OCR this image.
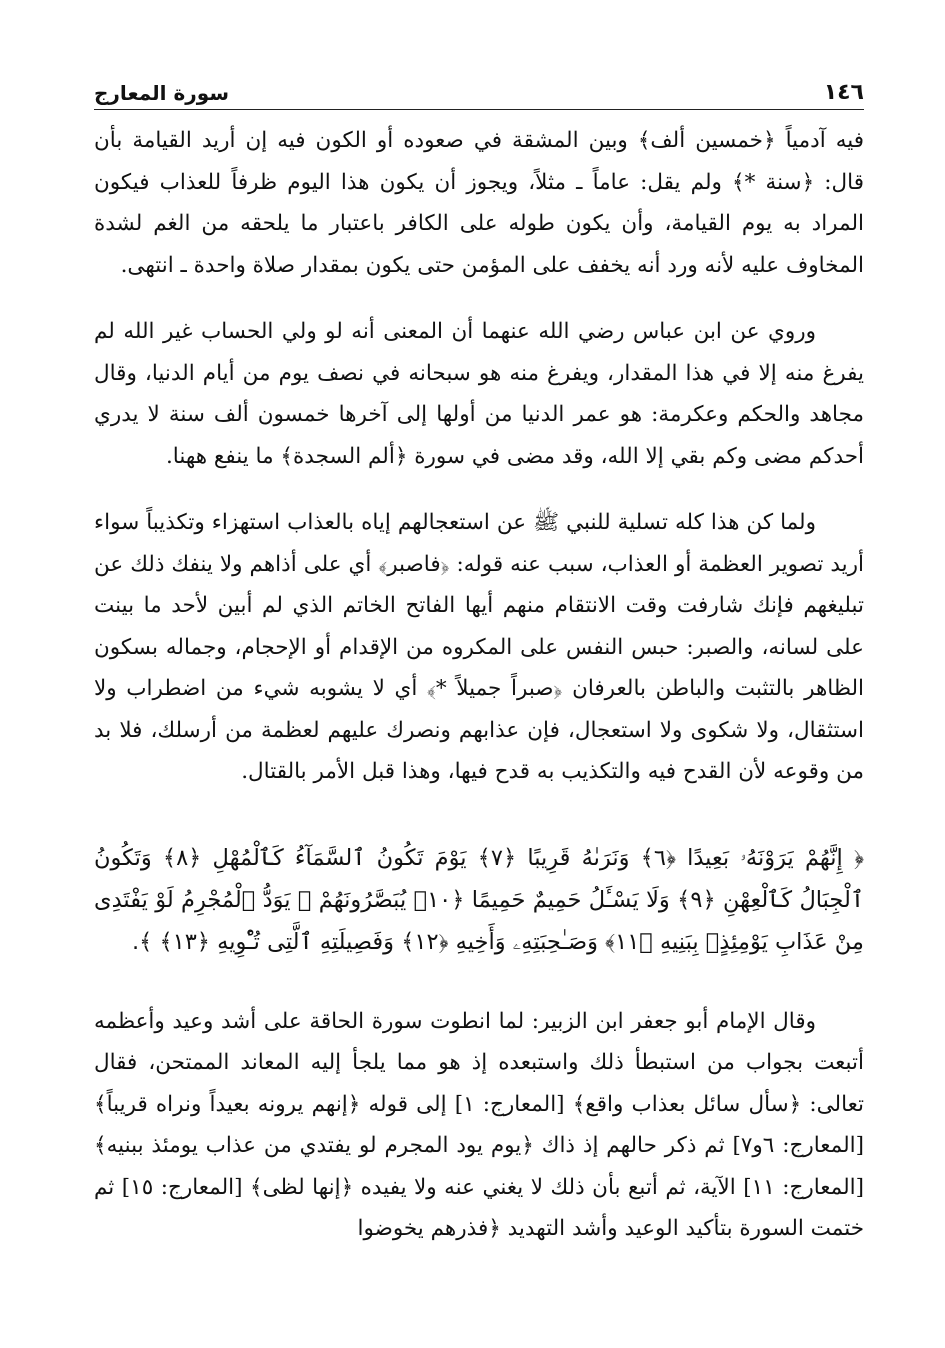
١٤٦
سورة المعارج

فيه آدمياً ﴿خمسين ألف﴾ وبين المشقة في صعوده أو الكون فيه إن أريد القيامة بأن قال: ﴿سنة *﴾ ولم يقل: عاماً ـ مثلاً، ويجوز أن يكون هذا اليوم ظرفاً للعذاب فيكون المراد به يوم القيامة، وأن يكون طوله على الكافر باعتبار ما يلحقه من الغم لشدة المخاوف عليه لأنه ورد أنه يخفف على المؤمن حتى يكون بمقدار صلاة واحدة ـ انتهى.

وروي عن ابن عباس رضي الله عنهما أن المعنى أنه لو ولي الحساب غير الله لم يفرغ منه إلا في هذا المقدار، ويفرغ منه هو سبحانه في نصف يوم من أيام الدنيا، وقال مجاهد والحكم وعكرمة: هو عمر الدنيا من أولها إلى آخرها خمسون ألف سنة لا يدري أحدكم مضى وكم بقي إلا الله، وقد مضى في سورة ﴿ألم السجدة﴾ ما ينفع ههنا.

ولما كن هذا كله تسلية للنبي ﷺ عن استعجالهم إياه بالعذاب استهزاء وتكذيباً سواء أريد تصوير العظمة أو العذاب، سبب عنه قوله: ﴿فاصبر﴾ أي على أذاهم ولا ينفك ذلك عن تبليغهم فإنك شارفت وقت الانتقام منهم أيها الفاتح الخاتم الذي لم أبين لأحد ما بينت على لسانه، والصبر: حبس النفس على المكروه من الإقدام أو الإحجام، وجماله بسكون الظاهر بالتثبت والباطن بالعرفان ﴿صبراً جميلاً *﴾ أي لا يشوبه شيء من اضطراب ولا استثقال، ولا شكوى ولا استعجال، فإن عذابهم ونصرك عليهم لعظمة من أرسلك، فلا بد من وقوعه لأن القدح فيه والتكذيب به قدح فيها، وهذا قبل الأمر بالقتال.

﴿ إِنَّهُمْ يَرَوْنَهُۥ بَعِيدًا ﴿٦﴾ وَنَرَىٰهُ قَرِيبًا ﴿٧﴾ يَوْمَ تَكُونُ ٱلسَّمَآءُ كَٱلْمُهْلِ ﴿٨﴾ وَتَكُونُ ٱلْجِبَالُ كَٱلْعِهْنِ ﴿٩﴾ وَلَا يَسْـَٔلُ حَمِيمٌ حَمِيمًا ﴿١٠﴾ يُبَصَّرُونَهُمْ ۚ يَوَدُّ ٱلْمُجْرِمُ لَوْ يَفْتَدِى مِنْ عَذَابِ يَوْمِئِذٍۭ بِبَنِيهِ ﴿١١﴾ وَصَـٰحِبَتِهِۦ وَأَخِيهِ ﴿١٢﴾ وَفَصِيلَتِهِ ٱلَّتِى تُـْٔوِيهِ ﴿١٣﴾ ﴾.

وقال الإمام أبو جعفر ابن الزبير: لما انطوت سورة الحاقة على أشد وعيد وأعظمه أتبعت بجواب من استبطأ ذلك واستبعده إذ هو مما يلجأ إليه المعاند الممتحن، فقال تعالى: ﴿سأل سائل بعذاب واقع﴾ [المعارج: ١] إلى قوله ﴿إنهم يرونه بعيداً ونراه قريباً﴾ [المعارج: ٦و٧] ثم ذكر حالهم إذ ذاك ﴿يوم يود المجرم لو يفتدي من عذاب يومئذ ببنيه﴾ [المعارج: ١١] الآية، ثم أتبع بأن ذلك لا يغني عنه ولا يفيده ﴿إنها لظى﴾ [المعارج: ١٥] ثم ختمت السورة بتأكيد الوعيد وأشد التهديد ﴿فذرهم يخوضوا
